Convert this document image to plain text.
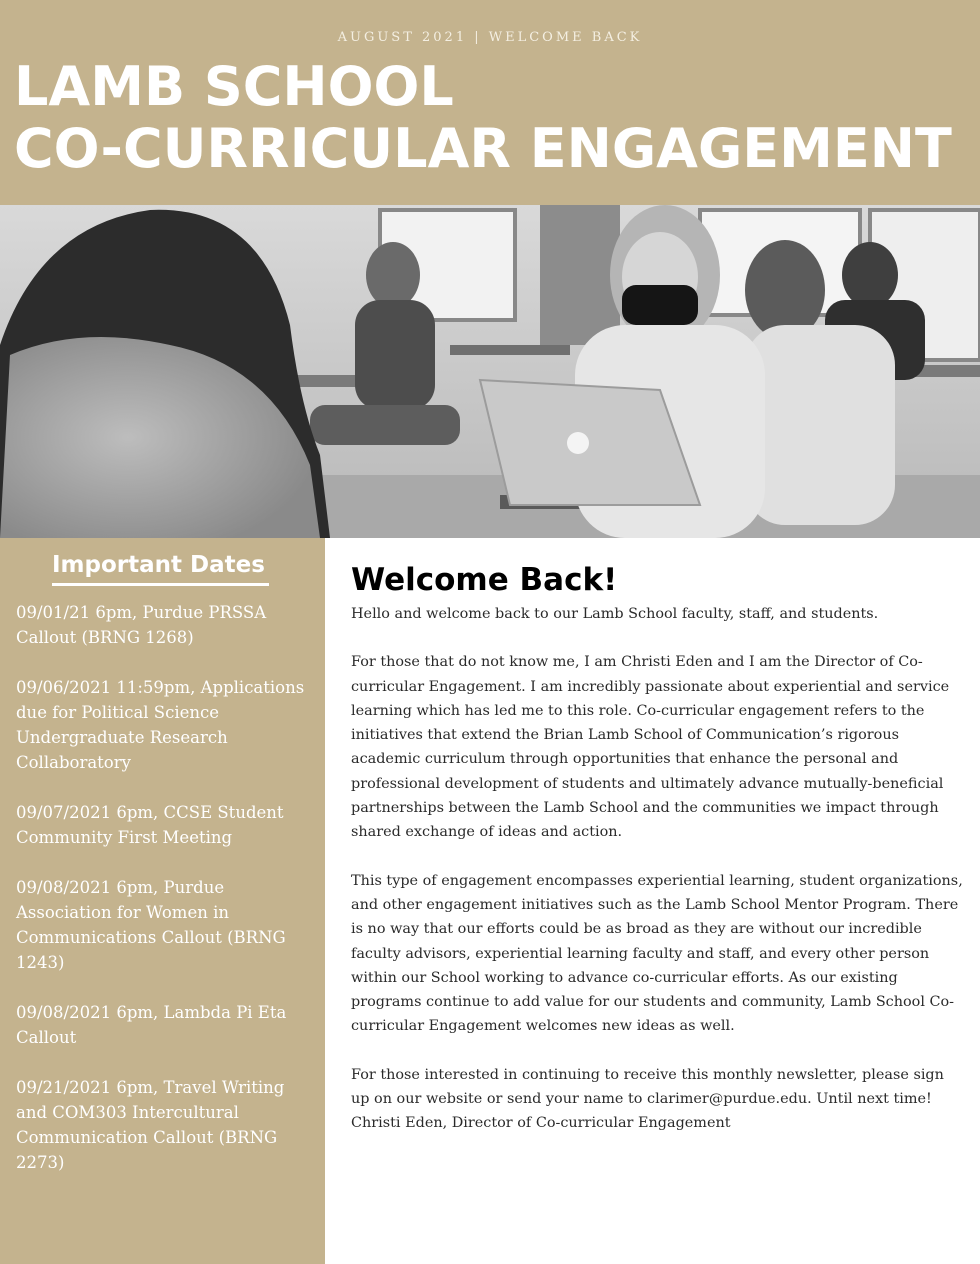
AUGUST 2021 | WELCOME BACK
LAMB SCHOOL
CO-CURRICULAR ENGAGEMENT
Important Dates

09/01/21 6pm, Purdue PRSSA Callout (BRNG 1268)

09/06/2021 11:59pm, Applications due for Political Science Undergraduate Research Collaboratory

09/07/2021 6pm, CCSE Student Community First Meeting

09/08/2021 6pm, Purdue Association for Women in Communications Callout (BRNG 1243)

09/08/2021 6pm, Lambda Pi Eta Callout

09/21/2021 6pm, Travel Writing and COM303 Intercultural Communication Callout (BRNG 2273)

Welcome Back!

Hello and welcome back to our Lamb School faculty, staff, and students.

For those that do not know me, I am Christi Eden and I am the Director of Co-curricular Engagement. I am incredibly passionate about experiential and service learning which has led me to this role. Co-curricular engagement refers to the initiatives that extend the Brian Lamb School of Communication’s rigorous academic curriculum through opportunities that enhance the personal and professional development of students and ultimately advance mutually-beneficial partnerships between the Lamb School and the communities we impact through shared exchange of ideas and action.

This type of engagement encompasses experiential learning, student organizations, and other engagement initiatives such as the Lamb School Mentor Program. There is no way that our efforts could be as broad as they are without our incredible faculty advisors, experiential learning faculty and staff, and every other person within our School working to advance co-curricular efforts. As our existing programs continue to add value for our students and community, Lamb School Co-curricular Engagement welcomes new ideas as well.

For those interested in continuing to receive this monthly newsletter, please sign up on our website or send your name to clarimer@purdue.edu. Until next time!

Christi Eden, Director of Co-curricular Engagement
